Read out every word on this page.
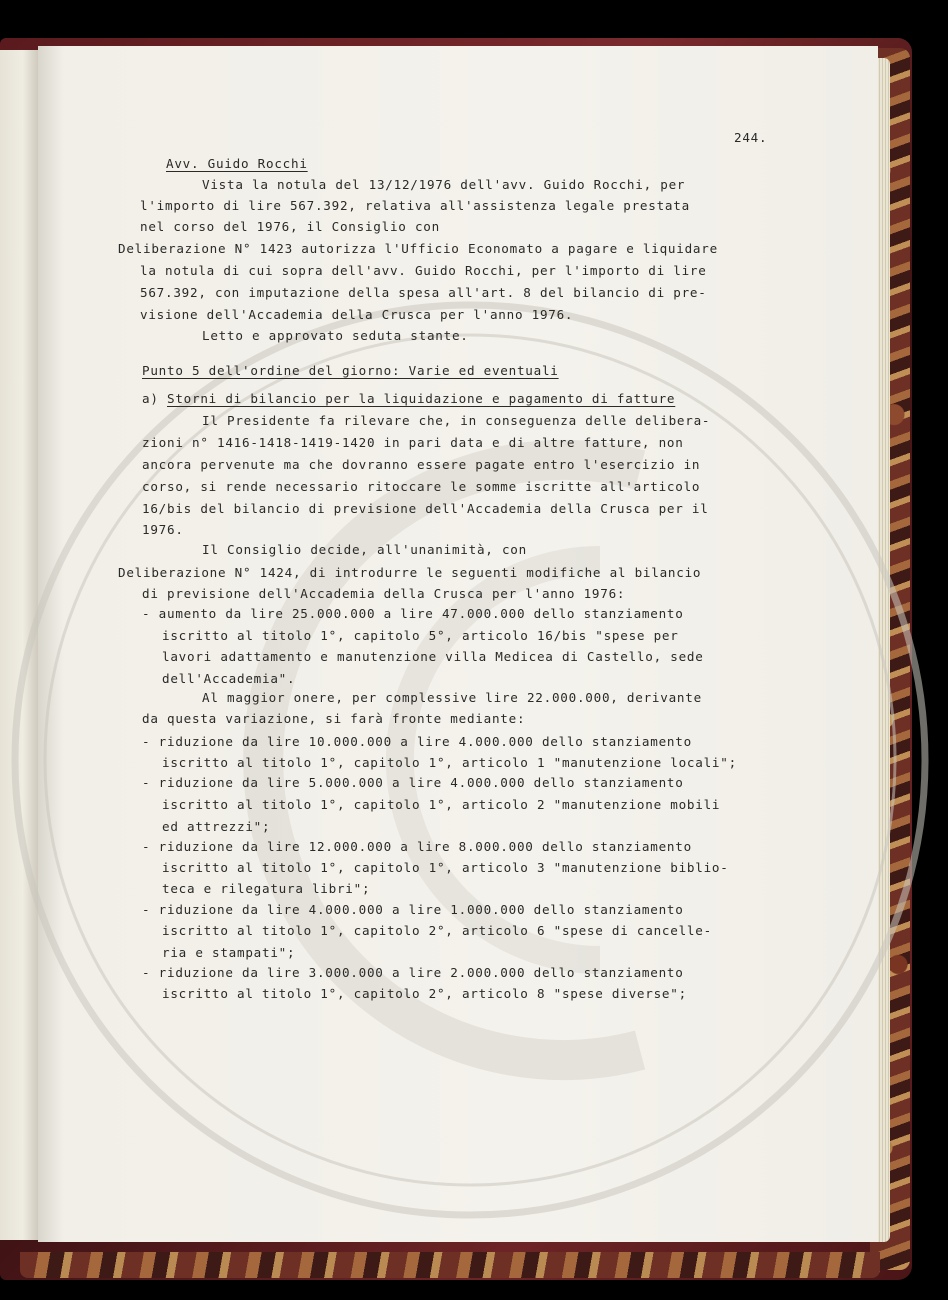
244.
Avv. Guido Rocchi
Vista la notula del 13/12/1976 dell'avv. Guido Rocchi, per
l'importo di lire 567.392, relativa all'assistenza legale prestata
nel corso del 1976, il Consiglio con
Deliberazione N° 1423 autorizza l'Ufficio Economato a pagare e liquidare
la notula di cui sopra dell'avv. Guido Rocchi, per l'importo di lire
567.392, con imputazione della spesa all'art. 8 del bilancio di pre-
visione dell'Accademia della Crusca per l'anno 1976.
Letto e approvato seduta stante.
Punto 5 dell'ordine del giorno: Varie ed eventuali
a) Storni di bilancio per la liquidazione e pagamento di fatture
Il Presidente fa rilevare che, in conseguenza delle delibera-
zioni n° 1416-1418-1419-1420 in pari data e di altre fatture, non
ancora pervenute ma che dovranno essere pagate entro l'esercizio in
corso, si rende necessario ritoccare le somme iscritte all'articolo
16/bis del bilancio di previsione dell'Accademia della Crusca per il
1976.
Il Consiglio decide, all'unanimità, con
Deliberazione N° 1424, di introdurre le seguenti modifiche al bilancio
di previsione dell'Accademia della Crusca per l'anno 1976:
- aumento da lire 25.000.000 a lire 47.000.000 dello stanziamento
iscritto al titolo 1°, capitolo 5°, articolo 16/bis "spese per
lavori adattamento e manutenzione villa Medicea di Castello, sede
dell'Accademia".
Al maggior onere, per complessive lire 22.000.000, derivante
da questa variazione, si farà fronte mediante:
- riduzione da lire 10.000.000 a lire 4.000.000 dello stanziamento
iscritto al titolo 1°, capitolo 1°, articolo 1 "manutenzione locali";
- riduzione da lire 5.000.000 a lire 4.000.000 dello stanziamento
iscritto al titolo 1°, capitolo 1°, articolo 2 "manutenzione mobili
ed attrezzi";
- riduzione da lire 12.000.000 a lire 8.000.000 dello stanziamento
iscritto al titolo 1°, capitolo 1°, articolo 3 "manutenzione biblio-
teca e rilegatura libri";
- riduzione da lire 4.000.000 a lire 1.000.000 dello stanziamento
iscritto al titolo 1°, capitolo 2°, articolo 6 "spese di cancelle-
ria e stampati";
- riduzione da lire 3.000.000 a lire 2.000.000 dello stanziamento
iscritto al titolo 1°, capitolo 2°, articolo 8 "spese diverse";
